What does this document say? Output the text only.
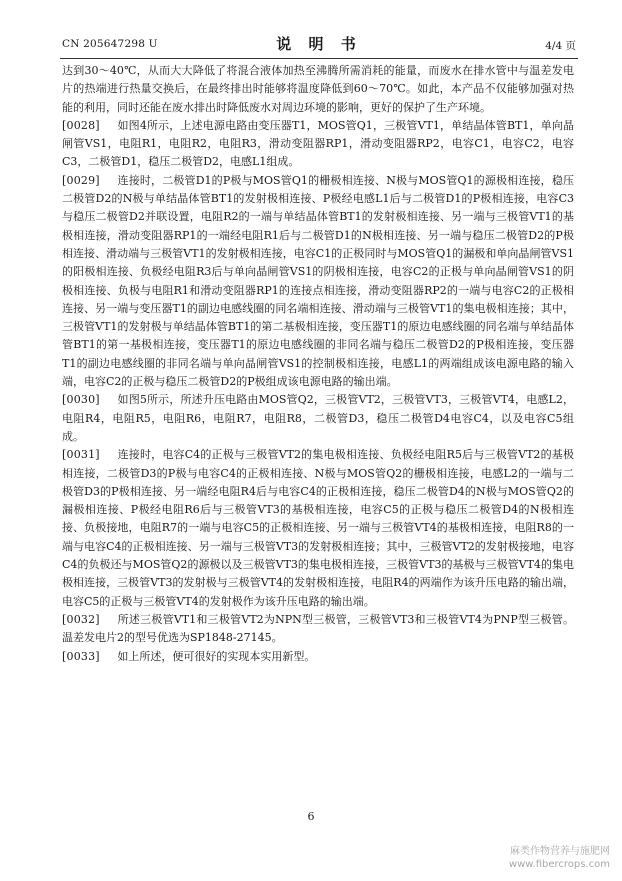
CN 205647298 U	说 明 书	4/4 页

达到30～40℃，从而大大降低了将混合液体加热至沸腾所需消耗的能量，而废水在排水管中与温差发电片的热端进行热量交换后，在最终排出时能够将温度降低到60～70℃。如此，本产品不仅能够加强对热能的利用，同时还能在废水排出时降低废水对周边环境的影响，更好的保护了生产环境。

[0028] 如图4所示，上述电源电路由变压器T1，MOS管Q1，三极管VT1，单结晶体管BT1，单向晶闸管VS1，电阻R1，电阻R2，电阻R3，滑动变阻器RP1，滑动变阻器RP2，电容C1，电容C2，电容C3，二极管D1，稳压二极管D2，电感L1组成。

[0029] 连接时，二极管D1的P极与MOS管Q1的栅极相连接、N极与MOS管Q1的源极相连接，稳压二极管D2的N极与单结晶体管BT1的发射极相连接、P极经电感L1后与二极管D1的P极相连接，电容C3与稳压二极管D2并联设置，电阻R2的一端与单结晶体管BT1的发射极相连接、另一端与三极管VT1的基极相连接，滑动变阻器RP1的一端经电阻R1后与二极管D1的N极相连接、另一端与稳压二极管D2的P极相连接、滑动端与三极管VT1的发射极相连接，电容C1的正极同时与MOS管Q1的漏极和单向晶闸管VS1的阳极相连接、负极经电阻R3后与单向晶闸管VS1的阴极相连接，电容C2的正极与单向晶闸管VS1的阴极相连接、负极与电阻R1和滑动变阻器RP1的连接点相连接，滑动变阻器RP2的一端与电容C2的正极相连接、另一端与变压器T1的副边电感线圈的同名端相连接、滑动端与三极管VT1的集电极相连接；其中，三极管VT1的发射极与单结晶体管BT1的第二基极相连接，变压器T1的原边电感线圈的同名端与单结晶体管BT1的第一基极相连接，变压器T1的原边电感线圈的非同名端与稳压二极管D2的P极相连接，变压器T1的副边电感线圈的非同名端与单向晶闸管VS1的控制极相连接，电感L1的两端组成该电源电路的输入端，电容C2的正极与稳压二极管D2的P极组成该电源电路的输出端。

[0030] 如图5所示，所述升压电路由MOS管Q2，三极管VT2，三极管VT3，三极管VT4，电感L2，电阻R4，电阻R5，电阻R6，电阻R7，电阻R8，二极管D3，稳压二极管D4电容C4，以及电容C5组成。

[0031] 连接时，电容C4的正极与三极管VT2的集电极相连接、负极经电阻R5后与三极管VT2的基极相连接，二极管D3的P极与电容C4的正极相连接、N极与MOS管Q2的栅极相连接，电感L2的一端与二极管D3的P极相连接、另一端经电阻R4后与电容C4的正极相连接，稳压二极管D4的N极与MOS管Q2的漏极相连接、P极经电阻R6后与三极管VT3的基极相连接，电容C5的正极与稳压二极管D4的N极相连接、负极接地，电阻R7的一端与电容C5的正极相连接、另一端与三极管VT4的基极相连接，电阻R8的一端与电容C4的正极相连接、另一端与三极管VT3的发射极相连接；其中，三极管VT2的发射极接地，电容C4的负极还与MOS管Q2的源极以及三极管VT3的集电极相连接，三极管VT3的基极与三极管VT4的集电极相连接，三极管VT3的发射极与三极管VT4的发射极相连接，电阻R4的两端作为该升压电路的输出端，电容C5的正极与三极管VT4的发射极作为该升压电路的输出端。

[0032] 所述三极管VT1和三极管VT2为NPN型三极管，三极管VT3和三极管VT4为PNP型三极管。温差发电片2的型号优选为SP1848-27145。

[0033] 如上所述，便可很好的实现本实用新型。

6
麻类作物营养与施肥网
www.fibercrops.com
